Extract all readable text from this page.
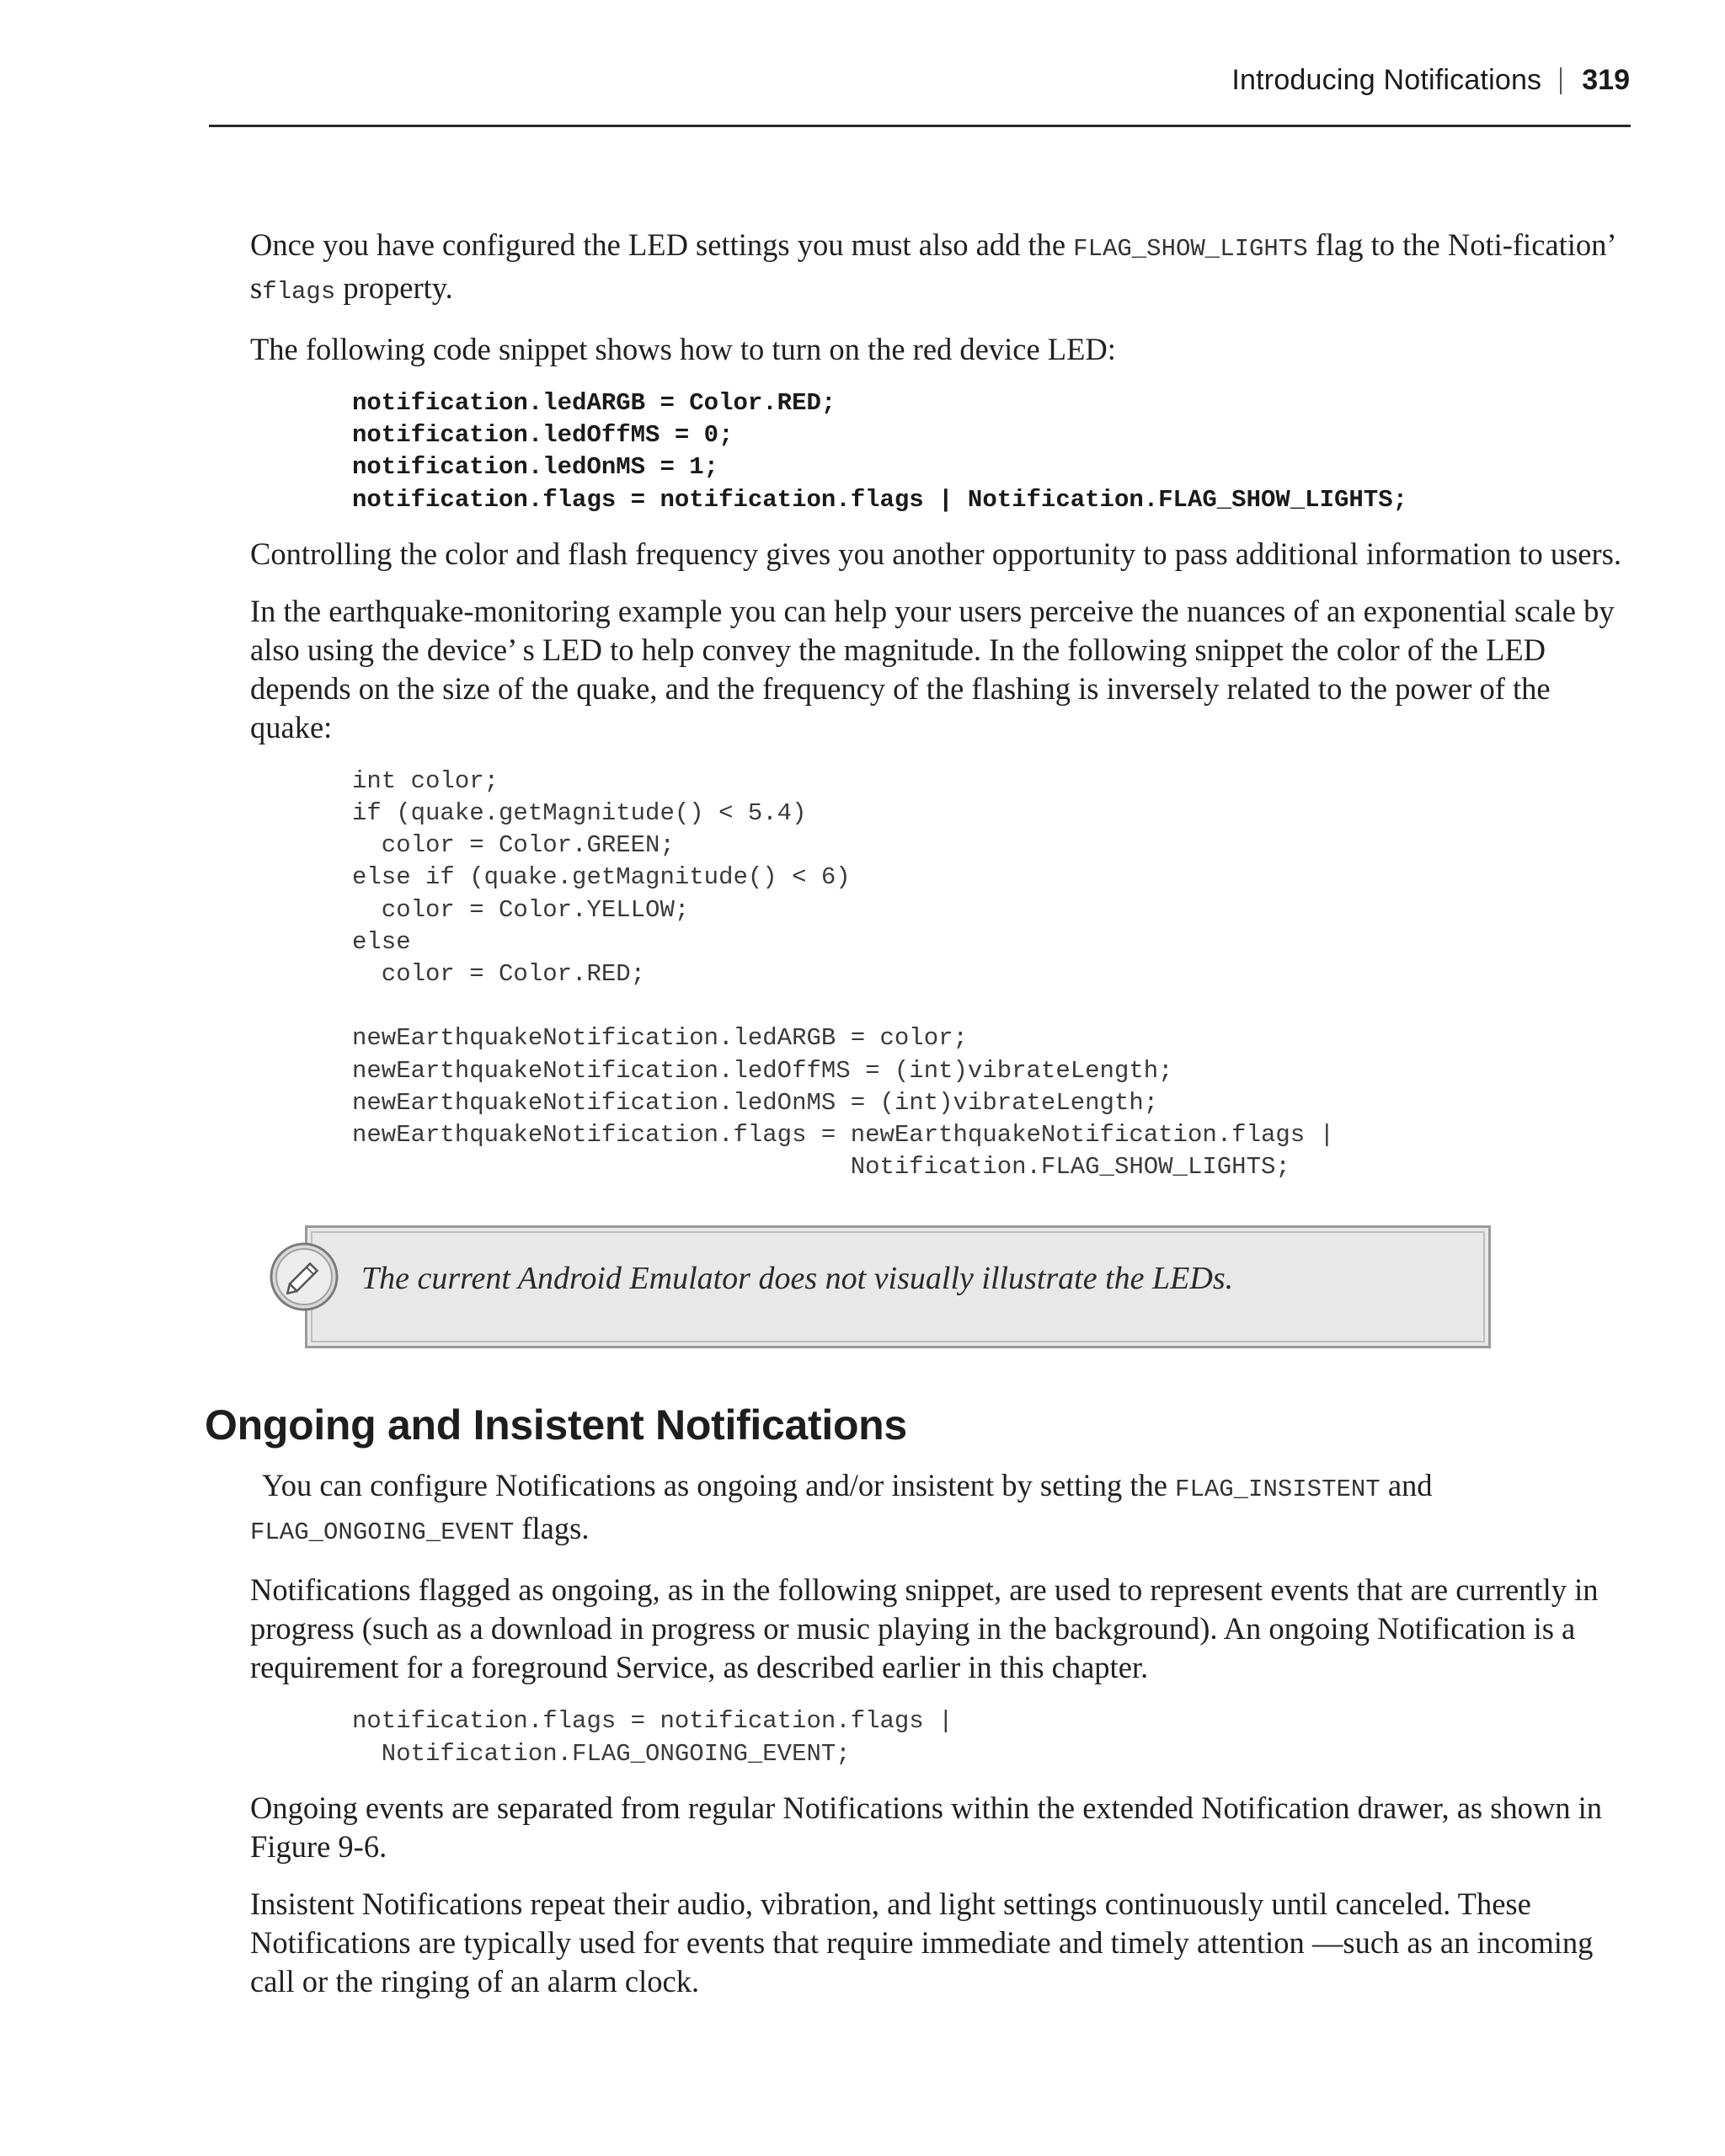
Introducing Notifications 319

Once you have configured the LED settings you must also add the FLAG_SHOW_LIGHTS flag to the Noti-fication’ sflags property.

The following code snippet shows how to turn on the red device LED:

notification.ledARGB = Color.RED;
notification.ledOffMS = 0;
notification.ledOnMS = 1;
notification.flags = notification.flags | Notification.FLAG_SHOW_LIGHTS;

Controlling the color and flash frequency gives you another opportunity to pass additional information to users.

In the earthquake-monitoring example you can help your users perceive the nuances of an exponential scale by also using the device’ s LED to help convey the magnitude. In the following snippet the color of the LED depends on the size of the quake, and the frequency of the flashing is inversely related to the power of the quake:

int color;
if (quake.getMagnitude() < 5.4)
color = Color.GREEN;
else if (quake.getMagnitude() < 6)
color = Color.YELLOW;
else
color = Color.RED;

newEarthquakeNotification.ledARGB = color;
newEarthquakeNotification.ledOffMS = (int)vibrateLength;
newEarthquakeNotification.ledOnMS = (int)vibrateLength;
newEarthquakeNotification.flags = newEarthquakeNotification.flags |
Notification.FLAG_SHOW_LIGHTS;
The current Android Emulator does not visually illustrate the LEDs.
Ongoing and Insistent Notifications

You can configure Notifications as ongoing and/or insistent by setting the FLAG_INSISTENT and FLAG_ONGOING_EVENT flags.

Notifications flagged as ongoing, as in the following snippet, are used to represent events that are currently in progress (such as a download in progress or music playing in the background). An ongoing Notification is a requirement for a foreground Service, as described earlier in this chapter.

notification.flags = notification.flags |
Notification.FLAG_ONGOING_EVENT;

Ongoing events are separated from regular Notifications within the extended Notification drawer, as shown in Figure 9-6.

Insistent Notifications repeat their audio, vibration, and light settings continuously until canceled. These Notifications are typically used for events that require immediate and timely attention —such as an incoming call or the ringing of an alarm clock.
